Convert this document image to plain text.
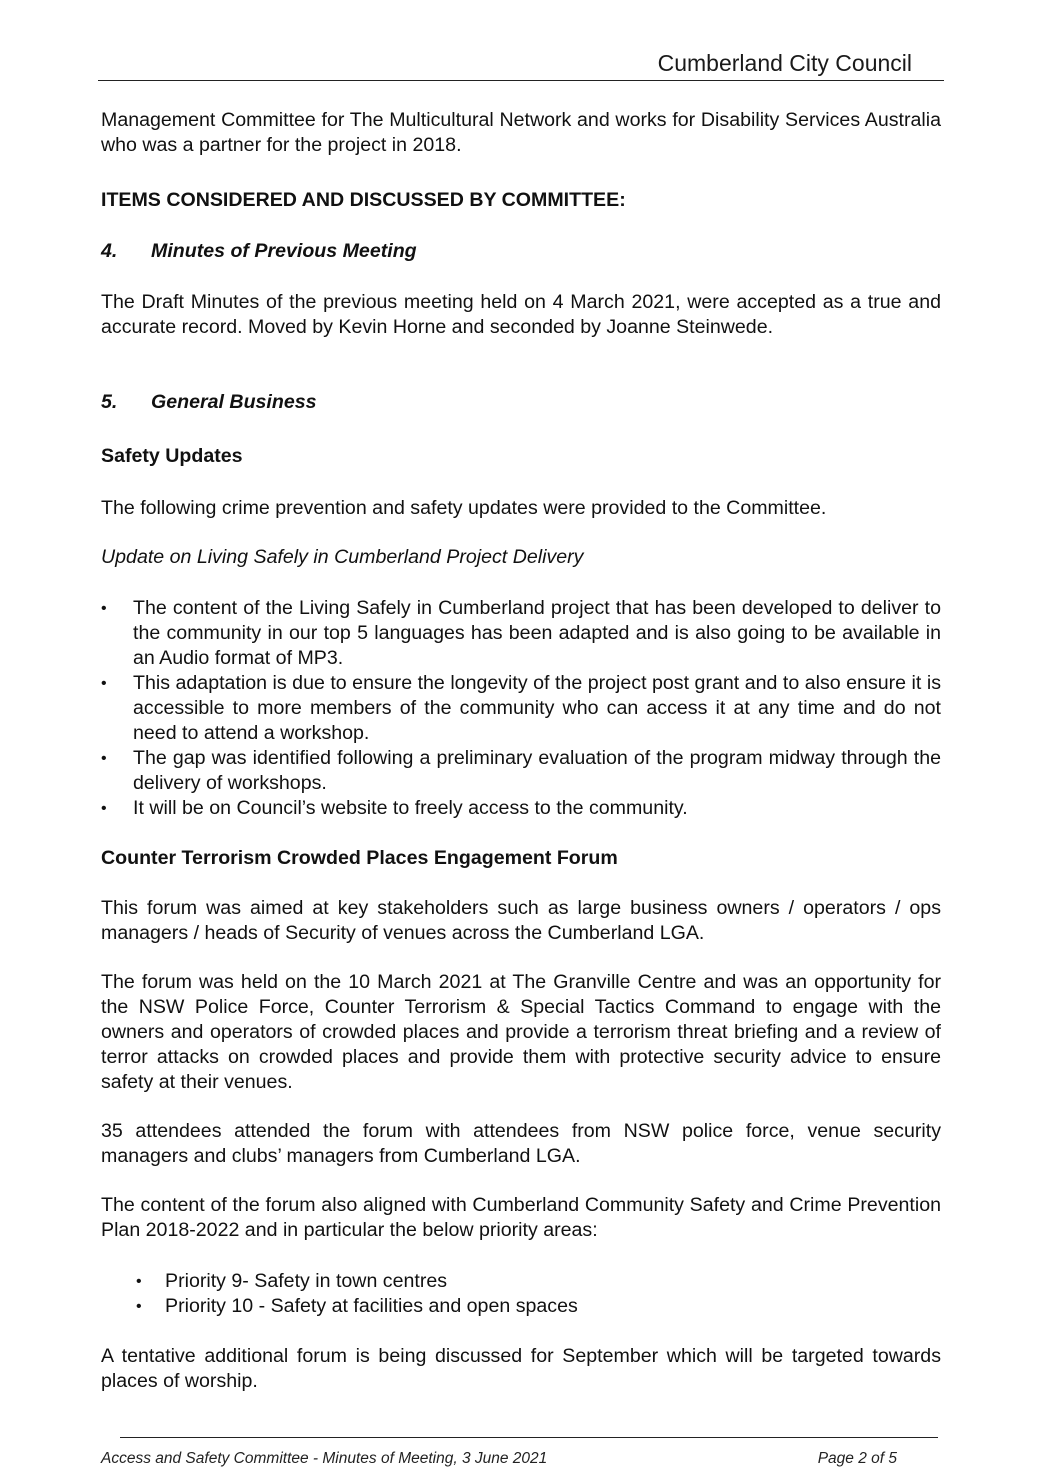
Cumberland City Council

Management Committee for The Multicultural Network and works for Disability Services Australia who was a partner for the project in 2018.

ITEMS CONSIDERED AND DISCUSSED BY COMMITTEE:

4.	Minutes of Previous Meeting

The Draft Minutes of the previous meeting held on 4 March 2021, were accepted as a true and accurate record. Moved by Kevin Horne and seconded by Joanne Steinwede.

5.	General Business

Safety Updates

The following crime prevention and safety updates were provided to the Committee.

Update on Living Safely in Cumberland Project Delivery

•	The content of the Living Safely in Cumberland project that has been developed to deliver to the community in our top 5 languages has been adapted and is also going to be available in an Audio format of MP3.
•	This adaptation is due to ensure the longevity of the project post grant and to also ensure it is accessible to more members of the community who can access it at any time and do not need to attend a workshop.
•	The gap was identified following a preliminary evaluation of the program midway through the delivery of workshops.
•	It will be on Council’s website to freely access to the community.

Counter Terrorism Crowded Places Engagement Forum

This forum was aimed at key stakeholders such as large business owners / operators / ops managers / heads of Security of venues across the Cumberland LGA.

The forum was held on the 10 March 2021 at The Granville Centre and was an opportunity for the NSW Police Force, Counter Terrorism & Special Tactics Command to engage with the owners and operators of crowded places and provide a terrorism threat briefing and a review of terror attacks on crowded places and provide them with protective security advice to ensure safety at their venues.

35 attendees attended the forum with attendees from NSW police force, venue security managers and clubs’ managers from Cumberland LGA.

The content of the forum also aligned with Cumberland Community Safety and Crime Prevention Plan 2018-2022 and in particular the below priority areas:

•	Priority 9- Safety in town centres
•	Priority 10 - Safety at facilities and open spaces

A tentative additional forum is being discussed for September which will be targeted towards places of worship.

Access and Safety Committee - Minutes of Meeting, 3 June 2021	Page 2 of 5
